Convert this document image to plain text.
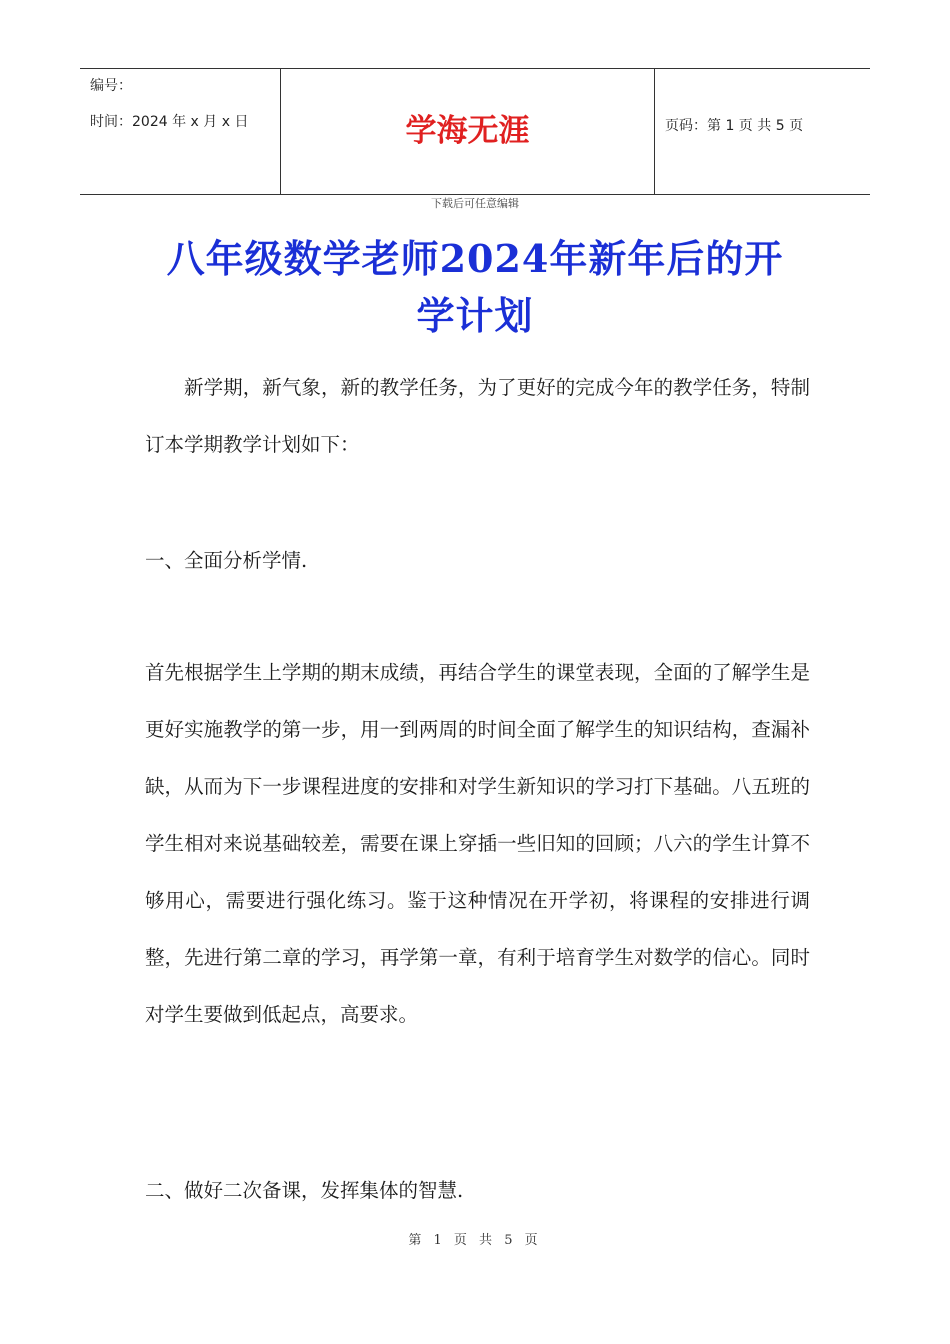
编号：
时间：2024 年 x 月 x 日	学海无涯	页码：第 1 页 共 5 页
下载后可任意编辑
八年级数学老师2024年新年后的开
学计划
新学期，新气象，新的教学任务，为了更好的完成今年的教学任务，特制订本学期教学计划如下：
一、全面分析学情.
首先根据学生上学期的期末成绩，再结合学生的课堂表现，全面的了解学生是更好实施教学的第一步，用一到两周的时间全面了解学生的知识结构，查漏补缺，从而为下一步课程进度的安排和对学生新知识的学习打下基础。八五班的学生相对来说基础较差，需要在课上穿插一些旧知的回顾；八六的学生计算不够用心，需要进行强化练习。鉴于这种情况在开学初，将课程的安排进行调整，先进行第二章的学习，再学第一章，有利于培育学生对数学的信心。同时对学生要做到低起点，高要求。
二、做好二次备课，发挥集体的智慧.
第 1 页 共 5 页
